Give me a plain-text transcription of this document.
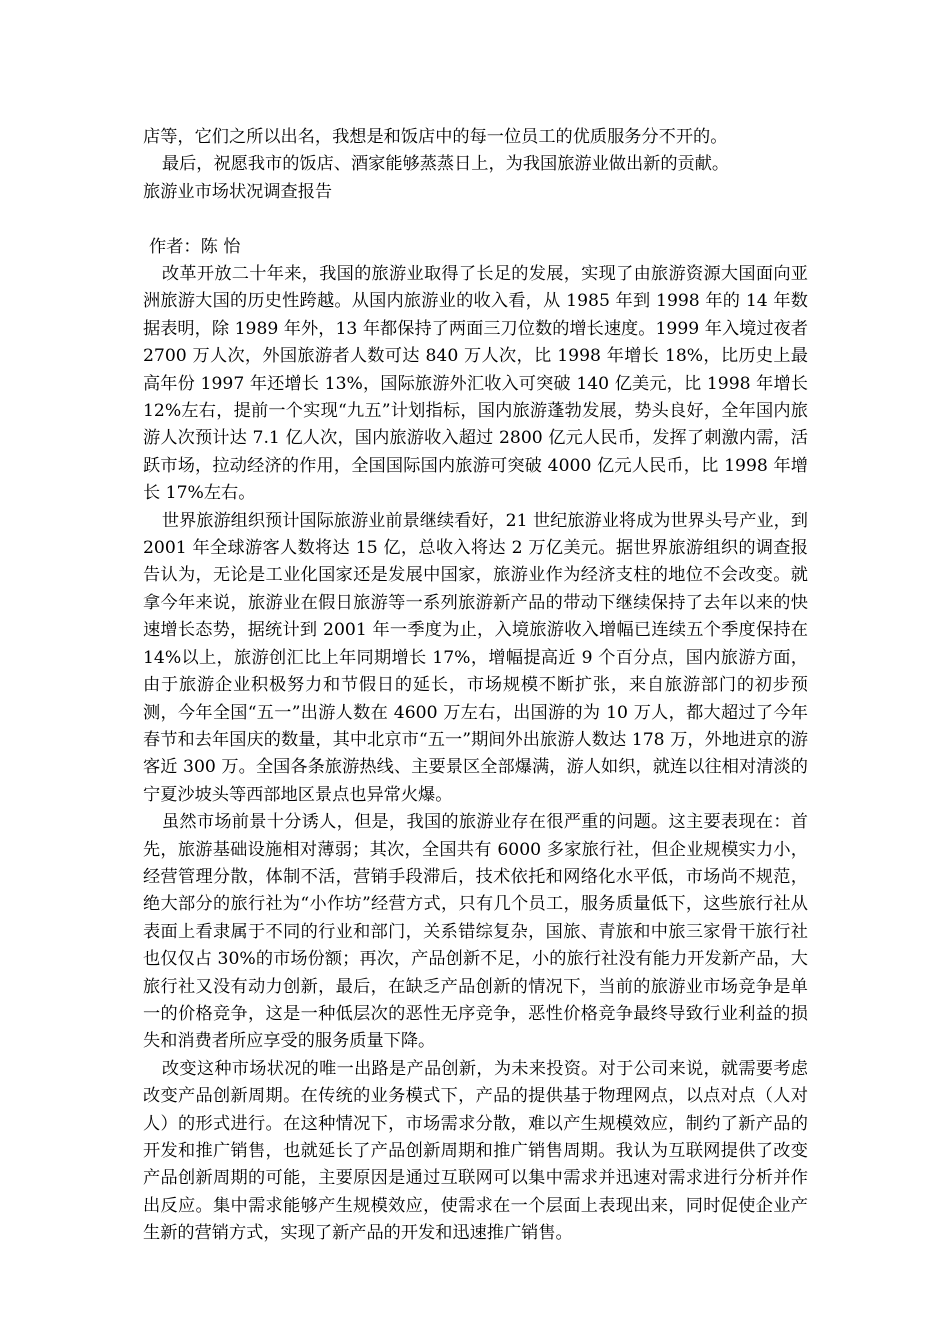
店等，它们之所以出名，我想是和饭店中的每一位员工的优质服务分不开的。

最后，祝愿我市的饭店、酒家能够蒸蒸日上，为我国旅游业做出新的贡献。

旅游业市场状况调查报告

作者：陈 怡

改革开放二十年来，我国的旅游业取得了长足的发展，实现了由旅游资源大国面向亚洲旅游大国的历史性跨越。从国内旅游业的收入看，从 1985 年到 1998 年的 14 年数据表明，除 1989 年外，13 年都保持了两面三刀位数的增长速度。1999 年入境过夜者 2700 万人次，外国旅游者人数可达 840 万人次，比 1998 年增长 18%，比历史上最高年份 1997 年还增长 13%，国际旅游外汇收入可突破 140 亿美元，比 1998 年增长 12%左右，提前一个实现“九五”计划指标，国内旅游蓬勃发展，势头良好，全年国内旅游人次预计达 7.1 亿人次，国内旅游收入超过 2800 亿元人民币，发挥了刺激内需，活跃市场，拉动经济的作用，全国国际国内旅游可突破 4000 亿元人民币，比 1998 年增长 17%左右。

世界旅游组织预计国际旅游业前景继续看好，21 世纪旅游业将成为世界头号产业，到 2001 年全球游客人数将达 15 亿，总收入将达 2 万亿美元。据世界旅游组织的调查报告认为，无论是工业化国家还是发展中国家，旅游业作为经济支柱的地位不会改变。就拿今年来说，旅游业在假日旅游等一系列旅游新产品的带动下继续保持了去年以来的快速增长态势，据统计到 2001 年一季度为止，入境旅游收入增幅已连续五个季度保持在 14%以上，旅游创汇比上年同期增长 17%，增幅提高近 9 个百分点，国内旅游方面，由于旅游企业积极努力和节假日的延长，市场规模不断扩张，来自旅游部门的初步预测，今年全国“五一”出游人数在 4600 万左右，出国游的为 10 万人，都大超过了今年春节和去年国庆的数量，其中北京市“五一”期间外出旅游人数达 178 万，外地进京的游客近 300 万。全国各条旅游热线、主要景区全部爆满，游人如织，就连以往相对清淡的宁夏沙坡头等西部地区景点也异常火爆。

虽然市场前景十分诱人，但是，我国的旅游业存在很严重的问题。这主要表现在：首先，旅游基础设施相对薄弱；其次，全国共有 6000 多家旅行社，但企业规模实力小，经营管理分散，体制不活，营销手段滞后，技术依托和网络化水平低，市场尚不规范，绝大部分的旅行社为“小作坊”经营方式，只有几个员工，服务质量低下，这些旅行社从表面上看隶属于不同的行业和部门，关系错综复杂，国旅、青旅和中旅三家骨干旅行社也仅仅占 30%的市场份额；再次，产品创新不足，小的旅行社没有能力开发新产品，大旅行社又没有动力创新，最后，在缺乏产品创新的情况下，当前的旅游业市场竞争是单一的价格竞争，这是一种低层次的恶性无序竞争，恶性价格竞争最终导致行业利益的损失和消费者所应享受的服务质量下降。

改变这种市场状况的唯一出路是产品创新，为未来投资。对于公司来说，就需要考虑改变产品创新周期。在传统的业务模式下，产品的提供基于物理网点，以点对点（人对人）的形式进行。在这种情况下，市场需求分散，难以产生规模效应，制约了新产品的开发和推广销售，也就延长了产品创新周期和推广销售周期。我认为互联网提供了改变产品创新周期的可能，主要原因是通过互联网可以集中需求并迅速对需求进行分析并作出反应。集中需求能够产生规模效应，使需求在一个层面上表现出来，同时促使企业产生新的营销方式，实现了新产品的开发和迅速推广销售。
